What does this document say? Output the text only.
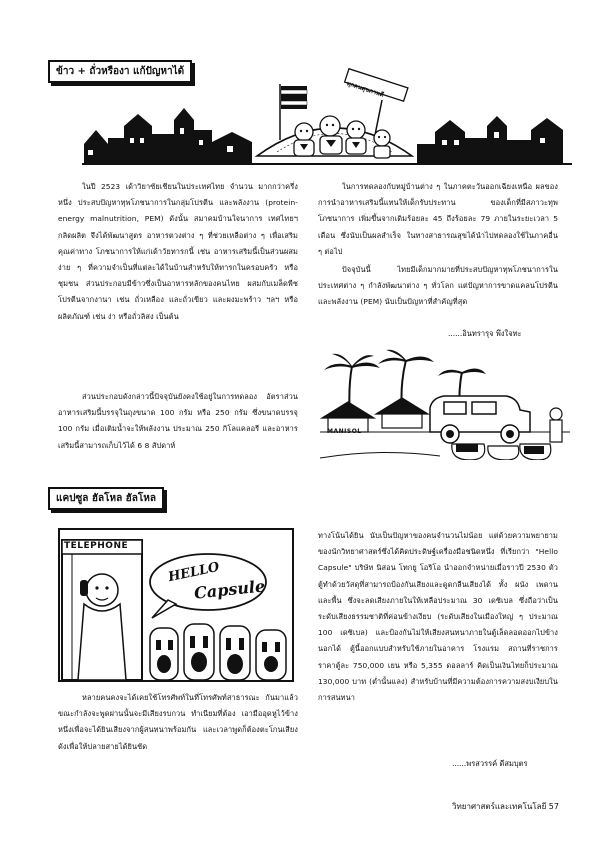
ข้าว + ถั่วหรืองา แก้ปัญหาได้
ทุกคนสุขภาพดี
ในปี 2523 เด้าวิยาซัยเชียนในประเทศไทย จำนวน มากกว่าครึ่งหนึ่ง ประสบปัญหาทุพโภชนาการในกลุ่มโปรตีน และพลังงาน (protein-energy malnutrition, PEM) ดังนั้น สมาคมบ้านใจนาการ เทศไทยฯ กลิดผลิต จึงได้พัฒนาสูตร อาหารตวงต่าง ๆ ที่ช่วยเหลือต่าง ๆ เพื่อเสริมคุณค่าทาง โภชนาการให้แก่เด้าวัยทารกนี้ เช่น อาหารเสริมนี้เป็นส่วนผสม ง่าย ๆ ที่ความจำเป็นที่แต่ละได้ในบ้านสำหรับให้ทารกในครอบครัว หรือชุมชน ส่วนประกอบมีข้าวซึ่งเป็นอาหารหลักของคนไทย ผสมกับเมล็ดพืชโปรตีนจากงานา เช่น ถั่วเหลือง และถั่วเขียว และผงมะพร้าว ฯลฯ หรือผลิตภัณฑ์ เช่น ง่า หรือถั่วลิสง เป็นต้น
ส่วนประกอบดังกล่าวนี้ปัจจุบันยังคงใช้อยู่ในการทดลอง อัตราส่วน อาหารเสริมนี้บรรจุในถุงขนาด 100 กรัม หรือ 250 กรัม ซึ่งขนาดบรรจุ 100 กรัม เมื่อเติมน้ำจะให้พลังงาน ประมาณ 250 กิโลแคลอรี และอาหารเสริมนี้สามารถเก็บไว้ได้ 6 8 สัปดาห์
ในการทดลองกับหมู่บ้านต่าง ๆ ในภาคตะวันออกเฉียงเหนือ ผลของการนำอาหารเสริมนี้แทนให้เด็กรับประทาน ของเด็กที่มีสภาวะทุพโภชนาการ เพิ่มขึ้นจากเดิมร้อยละ 45 ถึงร้อยละ 79 ภายในระยะเวลา 5 เดือน ซึ่งนับเป็นผลสำเร็จ ในทางสาธารณสุขได้นำไปทดลองใช้ในภาคอื่น ๆ ต่อไป
ปัจจุบันนี้ ไทยมีเด็กมากมายที่ประสบปัญหาทุพโภชนาการในประเทศต่าง ๆ กำลังพัฒนาต่าง ๆ ทั่วโลก แต่ปัญหาการขาดแคลนโปรตีนและพลังงาน (PEM) นับเป็นปัญหาที่สำคัญที่สุด
......อินทรารุจ พึงใจทะ
MANISOL
แคปซูล ฮัลโหล ฮัลโหล
TELEPHONE
HELLO
Capsule
หลายคนคงจะได้เคยใช้โทรศัพท์ในที่โทรศัพท์สาธารณะ กันมาแล้ว ขณะกำลังจะพูดผ่านนั้นจะมีเสียงรบกวน ทำเนียมที่ต้อง เอามืออุดหูไว้ข้างหนึ่งเพื่อจะได้ยินเสียงจากผู้สนทนาพร้อมกัน และเวลาพูดก็ต้องตะโกนเสียงดังเพื่อให้ปลายสายได้ยินชัด
ทางโน้นได้ยิน นับเป็นปัญหาของคนจำนวนไม่น้อย แต่ด้วยความพยายามของนักวิทยาศาสตร์ซึ่งได้คิดประดิษฐ์เครื่องมือชนิดหนึ่ง ที่เรียกว่า "Hello Capsule" บริษัท นิสอน โทกยู โอริโอ นำออกจำหน่ายเมื่อราวปี 2530 ตัวตู้ทำด้วยวัสดุที่สามารถป้องกันเสียงและดูดกลืนเสียงได้ ทั้ง ผนัง เพดาน และพื้น ซึ่งจะลดเสียงภายในให้เหลือประมาณ 30 เดซิเบล ซึ่งถือว่าเป็นระดับเสียงธรรมชาติที่ค่อนข้างเงียบ (ระดับเสียงในเมืองใหญ่ ๆ ประมาณ 100 เดซิเบล) และป้องกันไม่ให้เสียงสนทนาภายในตู้เล็ดลอดออกไปข้างนอกได้ ตู้นี้ออกแบบสำหรับใช้ภายในอาคาร โรงแรม สถานที่ราชการ ราคาตู้ละ 750,000 เยน หรือ 5,355 ดอลลาร์ คิดเป็นเงินไทยก็ประมาณ 130,000 บาท (ต่ำนั้นแลง) สำหรับบ้านที่มีความต้องการความสงบเงียบในการสนทนา
......พรสวรรค์ ดีสมบุตร
วิทยาศาสตร์และเทคโนโลยี 57
